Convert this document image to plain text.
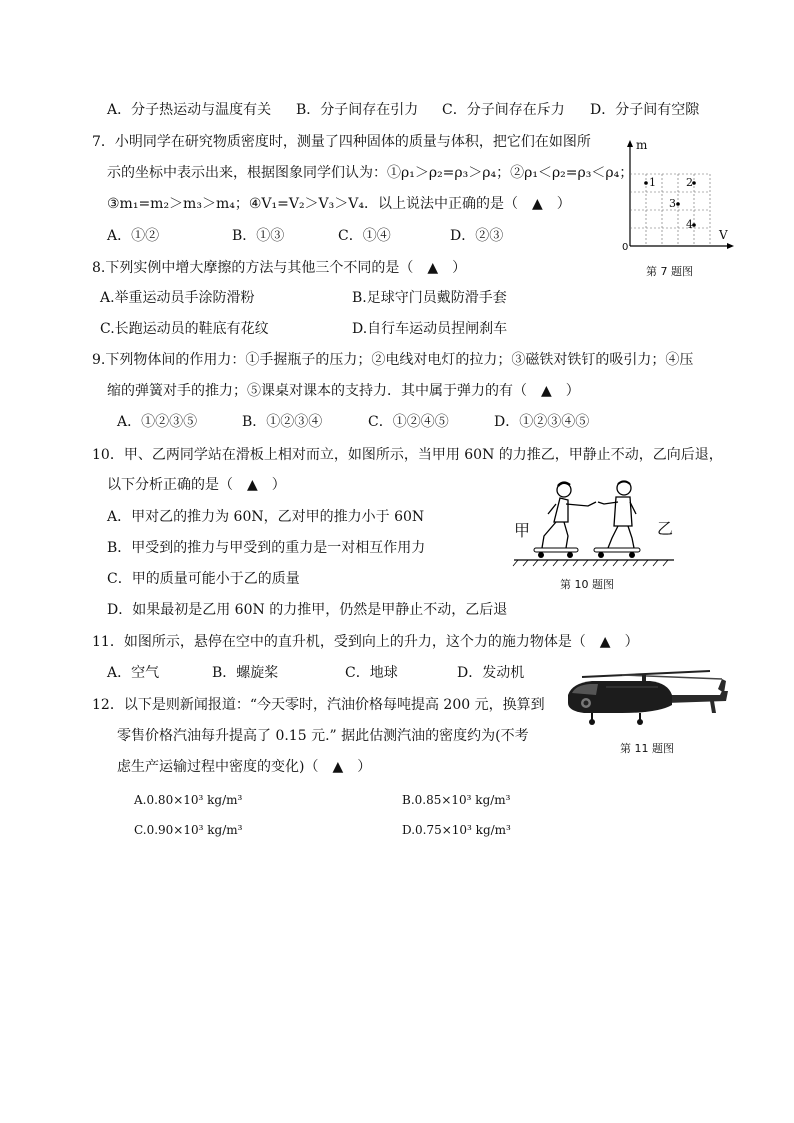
A．分子热运动与温度有关 B．分子间存在引力 C．分子间存在斥力 D．分子间有空隙
7．小明同学在研究物质密度时，测量了四种固体的质量与体积，把它们在如图所
示的坐标中表示出来，根据图象同学们认为：①ρ₁＞ρ₂=ρ₃＞ρ₄；②ρ₁＜ρ₂=ρ₃＜ρ₄；
③m₁=m₂＞m₃＞m₄；④V₁=V₂＞V₃＞V₄．以上说法中正确的是（　▲　）
A．①②	B．①③	C．①④	D．②③
m
V
0
1	2
3
4
第 7 题图
8.下列实例中增大摩擦的方法与其他三个不同的是（　▲　）
A.举重运动员手涂防滑粉	B.足球守门员戴防滑手套
C.长跑运动员的鞋底有花纹	D.自行车运动员捏闸刹车
9.下列物体间的作用力：①手握瓶子的压力；②电线对电灯的拉力；③磁铁对铁钉的吸引力；④压
缩的弹簧对手的推力；⑤课桌对课本的支持力．其中属于弹力的有（　▲　）
A．①②③⑤	B．①②③④	C．①②④⑤	D．①②③④⑤
10．甲、乙两同学站在滑板上相对而立，如图所示，当甲用 60N 的力推乙，甲静止不动，乙向后退，
以下分析正确的是（　▲　）
A．甲对乙的推力为 60N，乙对甲的推力小于 60N
B．甲受到的推力与甲受到的重力是一对相互作用力
C．甲的质量可能小于乙的质量
D．如果最初是乙用 60N 的力推甲，仍然是甲静止不动，乙后退
甲	乙
第 10 题图
11．如图所示，悬停在空中的直升机，受到向上的升力，这个力的施力物体是（　▲　）
A．空气	B．螺旋桨	C．地球	D．发动机
第 11 题图
12．以下是则新闻报道：“今天零时，汽油价格每吨提高 200 元，换算到
零售价格汽油每升提高了 0.15 元.” 据此估测汽油的密度约为(不考
虑生产运输过程中密度的变化)（　▲　）
A.0.80×10³ kg/m³	B.0.85×10³ kg/m³
C.0.90×10³ kg/m³	D.0.75×10³ kg/m³
